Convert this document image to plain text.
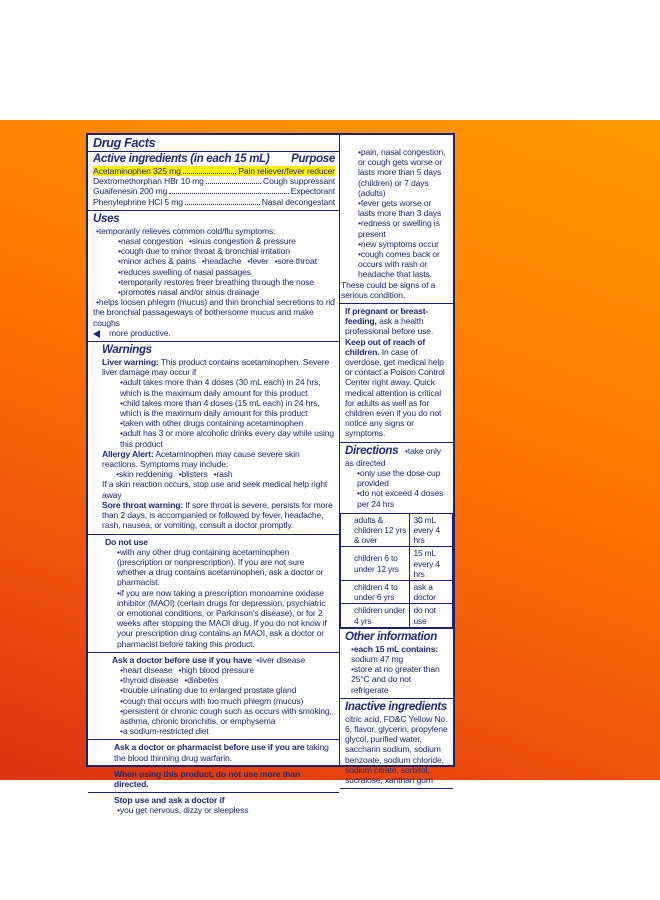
Drug Facts
Active ingredients (in each 15 mL) Purpose
Acetaminophen 325 mg	Pain reliever/fever reducer
Dextromethorphan HBr 10 mg	Cough suppressant
Guaifenesin 200 mg	Expectorant
Phenylephrine HCl 5 mg	Nasal decongestant
Uses
• temporarily relieves common cold/flu symptoms:
• nasal congestion • sinus congestion & pressure
• cough due to minor throat & bronchial irritation
• minor aches & pains • headache • fever • sore throat
• reduces swelling of nasal passages
• temporarily restores freer breathing through the nose
• promotes nasal and/or sinus drainage
• helps loosen phlegm (mucus) and thin bronchial secretions to rid
the bronchial passageways of bothersome mucus and make coughs
more productive.
Warnings
Liver warning: This product contains acetaminophen. Severe liver damage may occur if
• adult takes more than 4 doses (30 mL each) in 24 hrs, which is the maximum daily amount for this product
• child takes more than 4 doses (15 mL each) in 24 hrs, which is the maximum daily amount for this product
• taken with other drugs containing acetaminophen
• adult has 3 or more alcoholic drinks every day while using this product
Allergy Alert: Acetaminophen may cause severe skin reactions. Symptoms may include:
• skin reddening • blisters • rash
If a skin reaction occurs, stop use and seek medical help right away
Sore throat warning: If sore throat is severe, persists for more than 2 days, is accompanied or followed by fever, headache, rash, nausea, or vomiting, consult a doctor promptly.
Do not use
• with any other drug containing acetaminophen (prescription or nonprescription). If you are not sure whether a drug contains acetaminophen, ask a doctor or pharmacist.
• if you are now taking a prescription monoamine oxidase inhibitor (MAOI) (certain drugs for depression, psychiatric or emotional conditions, or Parkinson's disease), or for 2 weeks after stopping the MAOI drug. If you do not know if your prescription drug contains an MAOI, ask a doctor or pharmacist before taking this product.
Ask a doctor before use if you have • liver disease
• heart disease • high blood pressure
• thyroid disease • diabetes
• trouble urinating due to enlarged prostate gland
• cough that occurs with too much phlegm (mucus)
• persistent or chronic cough such as occurs with smoking, asthma, chronic bronchitis, or emphysema
• a sodium-restricted diet
Ask a doctor or pharmacist before use if you are taking the blood thinning drug warfarin.
When using this product, do not use more than directed.
Stop use and ask a doctor if
• you get nervous, dizzy or sleepless
• pain, nasal congestion, or cough gets worse or lasts more than 5 days (children) or 7 days (adults)
• fever gets worse or lasts more than 3 days
• redness or swelling is present
• new symptoms occur
• cough comes back or occurs with rash or headache that lasts.
These could be signs of a serious condition.
If pregnant or breast-feeding, ask a health professional before use. Keep out of reach of children. In case of overdose, get medical help or contact a Poison Control Center right away. Quick medical attention is critical for adults as well as for children even if you do not notice any signs or symptoms.
Directions • take only as directed
• only use the dose cup provided
• do not exceed 4 doses per 24 hrs
adults & children 12 yrs & over	30 mL every 4 hrs
children 6 to under 12 yrs	15 mL every 4 hrs
children 4 to under 6 yrs	ask a doctor
children under 4 yrs	do not use
Other information
• each 15 mL contains: sodium 47 mg
• store at no greater than 25°C and do not refrigerate
Inactive ingredients citric acid, FD&C Yellow No. 6, flavor, glycerin, propylene glycol, purified water, saccharin sodium, sodium benzoate, sodium chloride, sodium citrate, sorbitol, sucralose, xanthan gum
